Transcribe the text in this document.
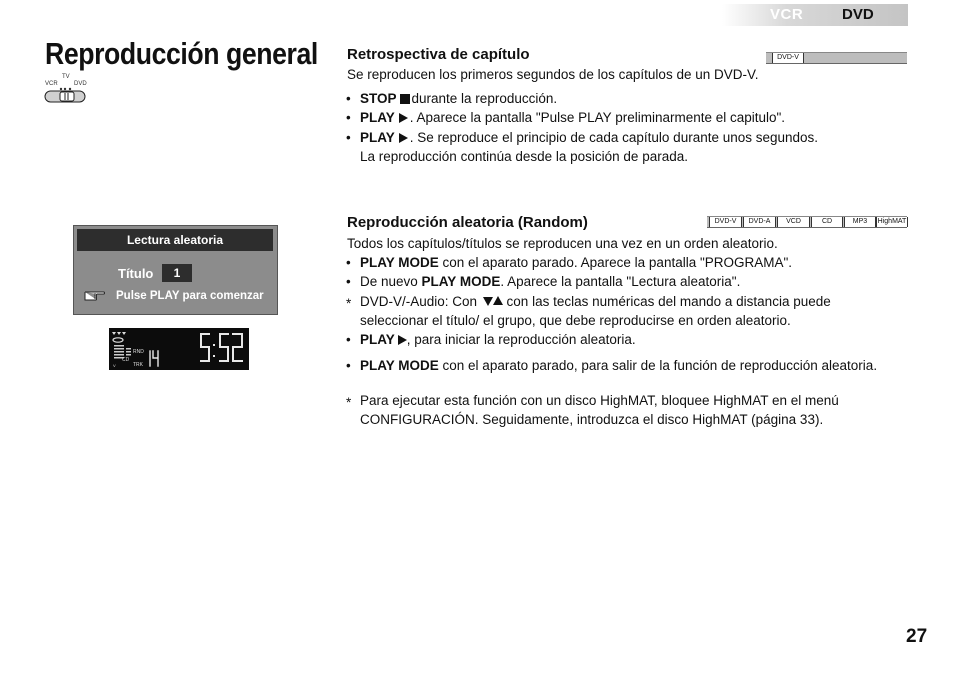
VCR	DVD
Reproducción general
TV
VCR	DVD
Retrospectiva de capítulo	DVD-V
Se reproducen los primeros segundos de los capítulos de un DVD-V.
• STOP durante la reproducción.
• PLAY . Aparece la pantalla "Pulse PLAY preliminarmente el capitulo".
• PLAY . Se reproduce el principio de cada capítulo durante unos segundos.
La reproducción continúa desde la posición de parada.
Reproducción aleatoria (Random)	DVD-V	DVD-A	VCD	CD	MP3	HighMAT
Todos los capítulos/títulos se reproducen una vez en un orden aleatorio.
• PLAY MODE con el aparato parado. Aparece la pantalla "PROGRAMA".
• De nuevo PLAY MODE. Aparece la pantalla "Lectura aleatoria".
* DVD-V/-Audio: Con  con las teclas numéricas del mando a distancia puede
seleccionar el título/ el grupo, que debe reproducirse en orden aleatorio.
• PLAY , para iniciar la reproducción aleatoria.
• PLAY MODE con el aparato parado, para salir de la función de reproducción aleatoria.
* Para ejecutar esta función con un disco HighMAT, bloquee HighMAT en el menú
CONFIGURACIÓN. Seguidamente, introduzca el disco HighMAT (página 33).
Lectura aleatoria
Título	1
Pulse PLAY para comenzar
V
RND
CD
TRK
27
